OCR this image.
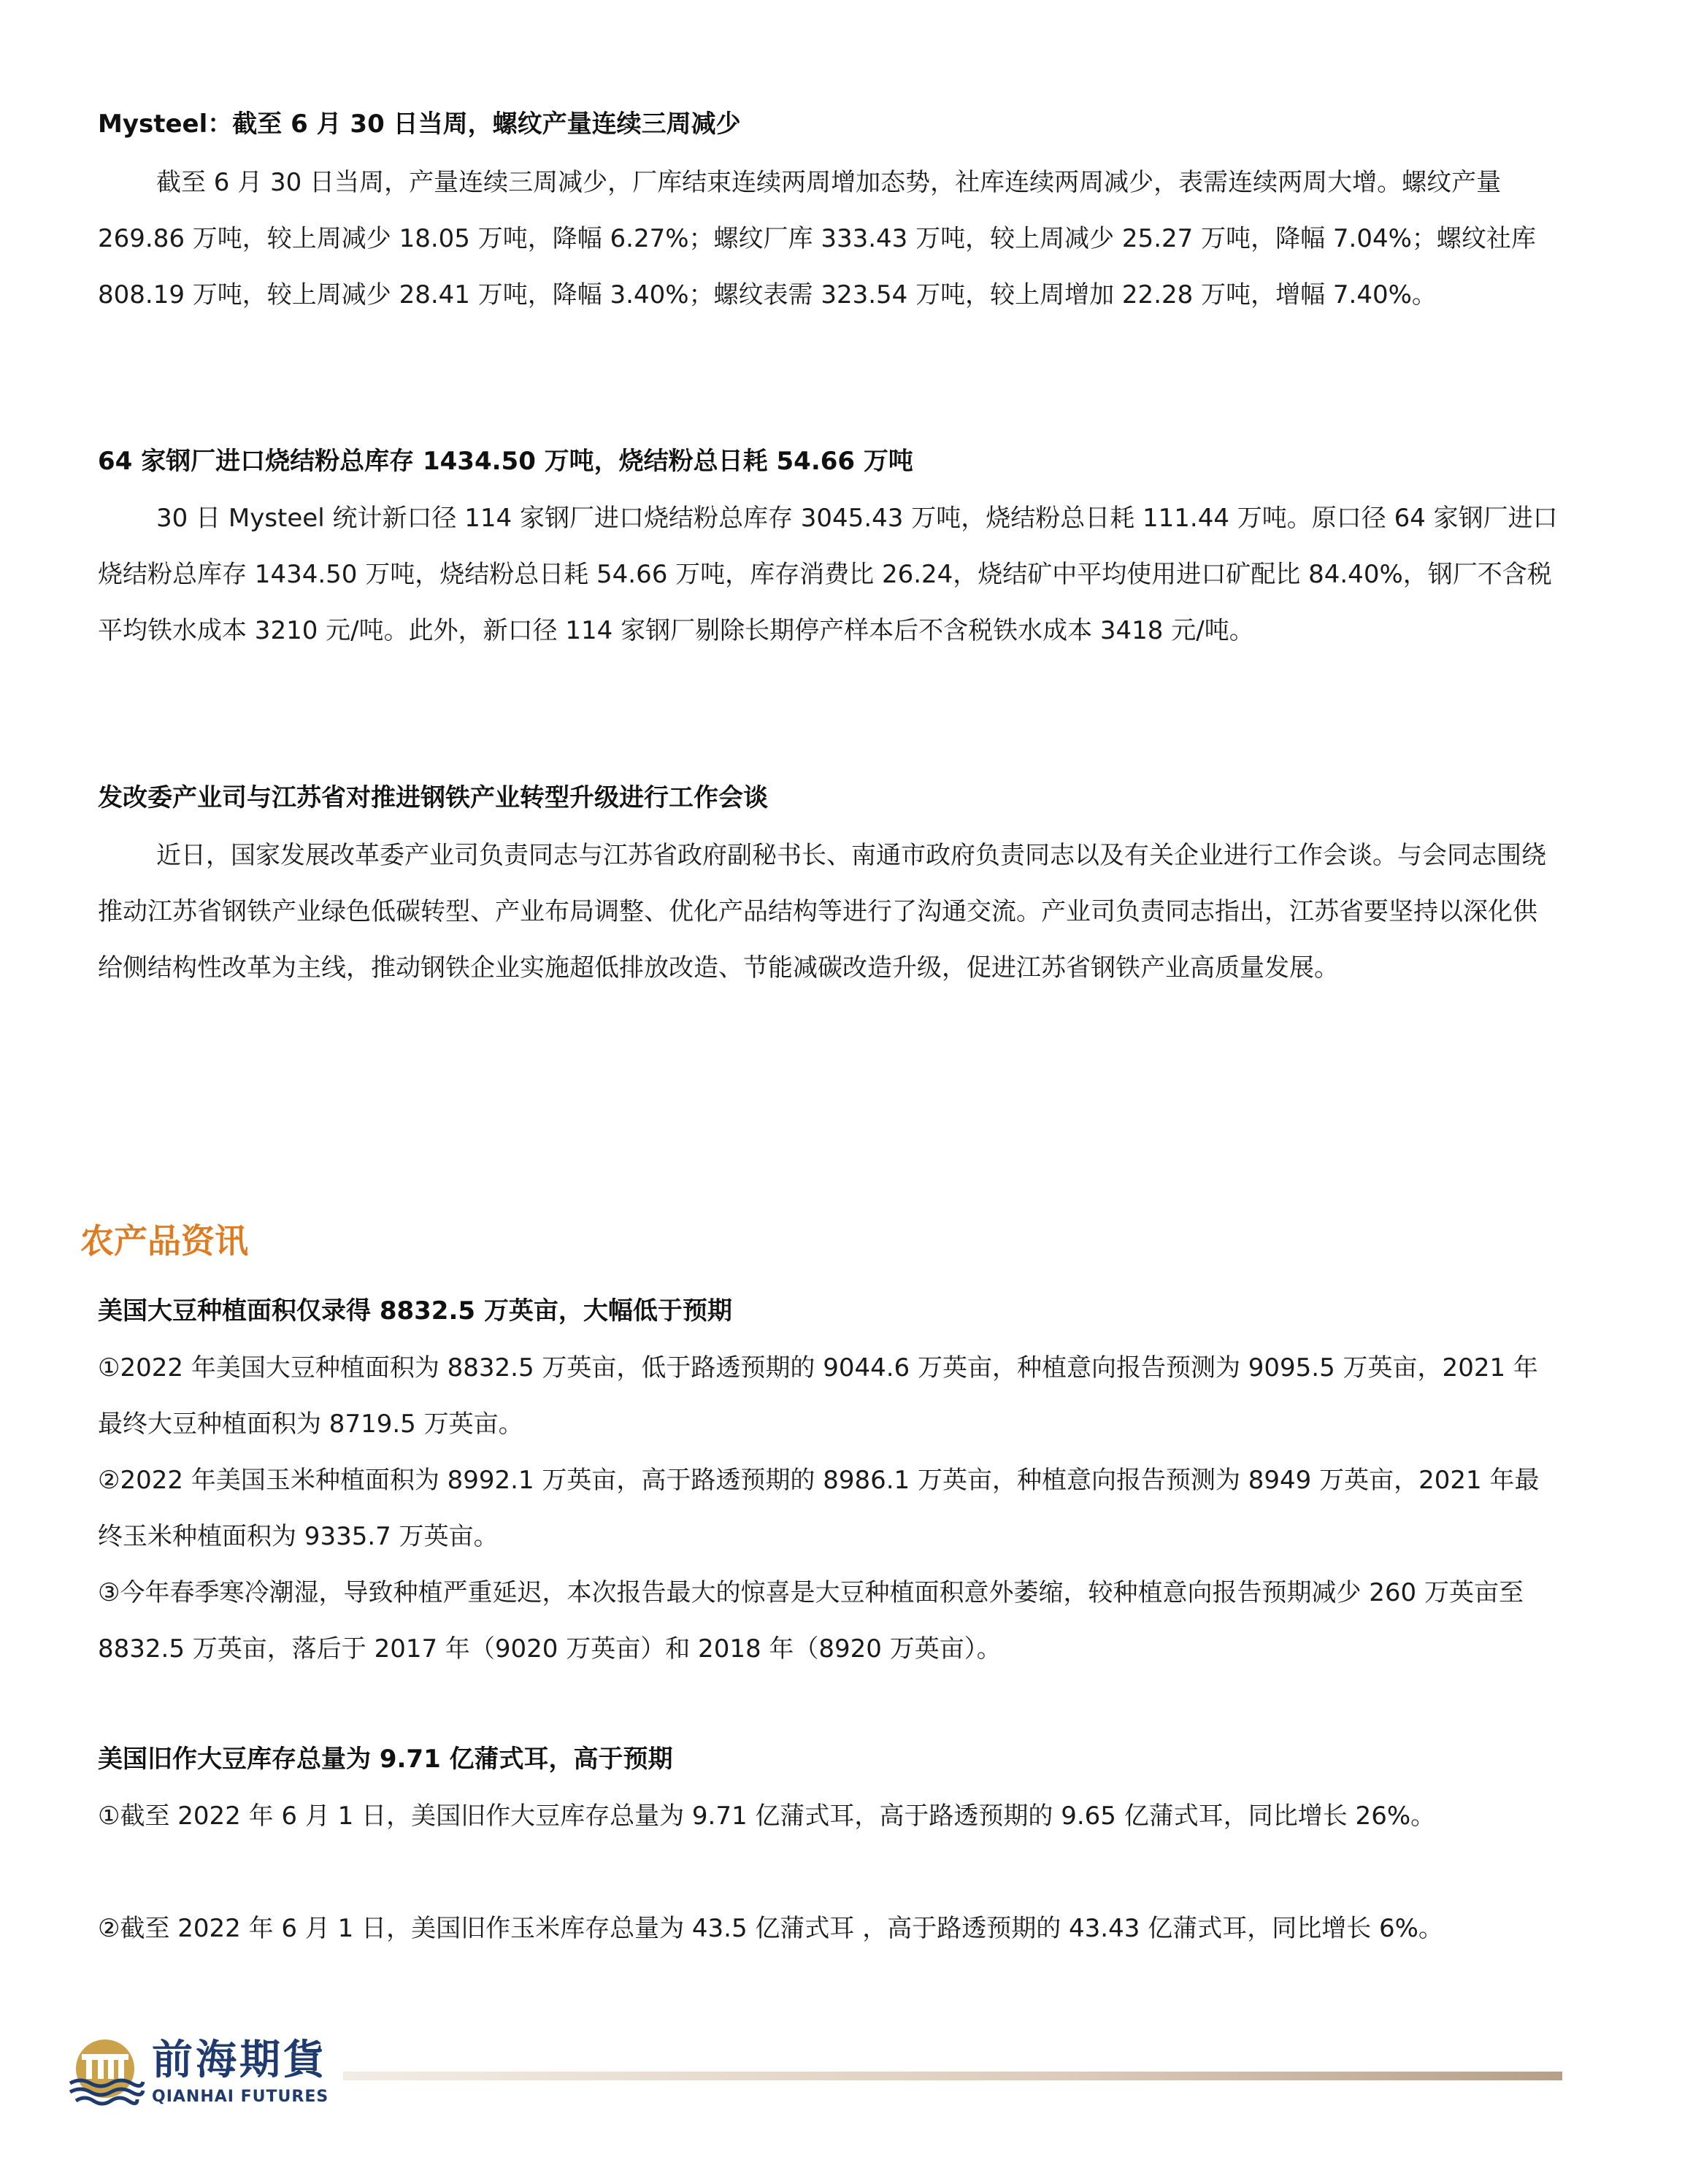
Mysteel：截至 6 月 30 日当周，螺纹产量连续三周减少

截至 6 月 30 日当周，产量连续三周减少，厂库结束连续两周增加态势，社库连续两周减少，表需连续两周大增。螺纹产量 269.86 万吨，较上周减少 18.05 万吨，降幅 6.27%；螺纹厂库 333.43 万吨，较上周减少 25.27 万吨，降幅 7.04%；螺纹社库 808.19 万吨，较上周减少 28.41 万吨，降幅 3.40%；螺纹表需 323.54 万吨，较上周增加 22.28 万吨，增幅 7.40%。

64 家钢厂进口烧结粉总库存 1434.50 万吨，烧结粉总日耗 54.66 万吨

30 日 Mysteel 统计新口径 114 家钢厂进口烧结粉总库存 3045.43 万吨，烧结粉总日耗 111.44 万吨。原口径 64 家钢厂进口烧结粉总库存 1434.50 万吨，烧结粉总日耗 54.66 万吨，库存消费比 26.24，烧结矿中平均使用进口矿配比 84.40%，钢厂不含税平均铁水成本 3210 元/吨。此外，新口径 114 家钢厂剔除长期停产样本后不含税铁水成本 3418 元/吨。

发改委产业司与江苏省对推进钢铁产业转型升级进行工作会谈

近日，国家发展改革委产业司负责同志与江苏省政府副秘书长、南通市政府负责同志以及有关企业进行工作会谈。与会同志围绕推动江苏省钢铁产业绿色低碳转型、产业布局调整、优化产品结构等进行了沟通交流。产业司负责同志指出，江苏省要坚持以深化供给侧结构性改革为主线，推动钢铁企业实施超低排放改造、节能减碳改造升级，促进江苏省钢铁产业高质量发展。

农产品资讯
美国大豆种植面积仅录得 8832.5 万英亩，大幅低于预期

①2022 年美国大豆种植面积为 8832.5 万英亩，低于路透预期的 9044.6 万英亩，种植意向报告预测为 9095.5 万英亩，2021 年最终大豆种植面积为 8719.5 万英亩。

②2022 年美国玉米种植面积为 8992.1 万英亩，高于路透预期的 8986.1 万英亩，种植意向报告预测为 8949 万英亩，2021 年最终玉米种植面积为 9335.7 万英亩。

③今年春季寒冷潮湿，导致种植严重延迟，本次报告最大的惊喜是大豆种植面积意外萎缩，较种植意向报告预期减少 260 万英亩至 8832.5 万英亩，落后于 2017 年（9020 万英亩）和 2018 年（8920 万英亩）。

美国旧作大豆库存总量为 9.71 亿蒲式耳，高于预期

①截至 2022 年 6 月 1 日，美国旧作大豆库存总量为 9.71 亿蒲式耳，高于路透预期的 9.65 亿蒲式耳，同比增长 26%。

②截至 2022 年 6 月 1 日，美国旧作玉米库存总量为 43.5 亿蒲式耳 ，高于路透预期的 43.43 亿蒲式耳，同比增长 6%。

前海期貨
QIANHAI FUTURES
